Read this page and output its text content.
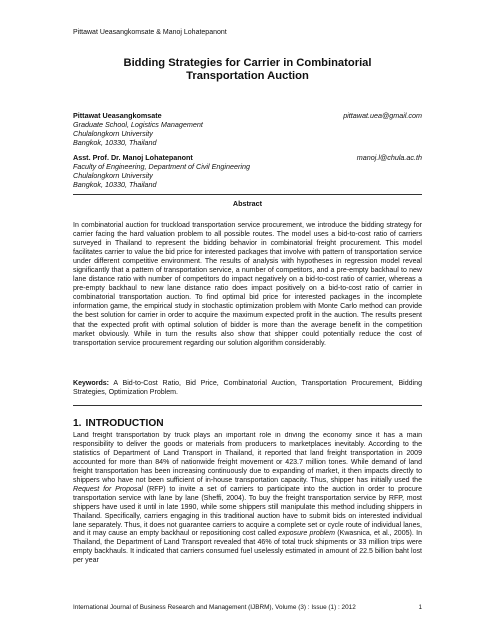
Pittawat Ueasangkomsate & Manoj Lohatepanont
Bidding Strategies for Carrier in Combinatorial
Transportation Auction
Pittawat Ueasangkomsate	pittawat.uea@gmail.com
Graduate School, Logistics Management
Chulalongkorn University
Bangkok, 10330, Thailand
Asst. Prof. Dr. Manoj Lohatepanont	manoj.l@chula.ac.th
Faculty of Engineering, Department of Civil Engineering
Chulalongkorn University
Bangkok, 10330, Thailand
Abstract

In combinatorial auction for truckload transportation service procurement, we introduce the bidding strategy for carrier facing the hard valuation problem to all possible routes. The model uses a bid-to-cost ratio of carriers surveyed in Thailand to represent the bidding behavior in combinatorial freight procurement. This model facilitates carrier to value the bid price for interested packages that involve with pattern of transportation service under different competitive environment. The results of analysis with hypotheses in regression model reveal significantly that a pattern of transportation service, a number of competitors, and a pre-empty backhaul to new lane distance ratio with number of competitors do impact negatively on a bid-to-cost ratio of carrier, whereas a pre-empty backhaul to new lane distance ratio does impact positively on a bid-to-cost ratio of carrier in combinatorial transportation auction. To find optimal bid price for interested packages in the incomplete information game, the empirical study in stochastic optimization problem with Monte Carlo method can provide the best solution for carrier in order to acquire the maximum expected profit in the auction. The results present that the expected profit with optimal solution of bidder is more than the average benefit in the competition market obviously. While in turn the results also show that shipper could potentially reduce the cost of transportation service procurement regarding our solution algorithm considerably.

Keywords: A Bid-to-Cost Ratio, Bid Price, Combinatorial Auction, Transportation Procurement, Bidding Strategies, Optimization Problem.

1. INTRODUCTION

Land freight transportation by truck plays an important role in driving the economy since it has a main responsibility to deliver the goods or materials from producers to marketplaces inevitably. According to the statistics of Department of Land Transport in Thailand, it reported that land freight transportation in 2009 accounted for more than 84% of nationwide freight movement or 423.7 million tones. While demand of land freight transportation has been increasing continuously due to expanding of market, it then impacts directly to shippers who have not been sufficient of in-house transportation capacity. Thus, shipper has initially used the Request for Proposal (RFP) to invite a set of carriers to participate into the auction in order to procure transportation service with lane by lane (Sheffi, 2004). To buy the freight transportation service by RFP, most shippers have used it until in late 1990, while some shippers still manipulate this method including shippers in Thailand. Specifically, carriers engaging in this traditional auction have to submit bids on interested individual lane separately. Thus, it does not guarantee carriers to acquire a complete set or cycle route of individual lanes, and it may cause an empty backhaul or repositioning cost called exposure problem (Kwasnica, et al., 2005). In Thailand, the Department of Land Transport revealed that 46% of total truck shipments or 33 million trips were empty backhauls. It indicated that carriers consumed fuel uselessly estimated in amount of 22.5 billion baht lost per year

International Journal of Business Research and Management (IJBRM), Volume (3) : Issue (1) : 2012	1
